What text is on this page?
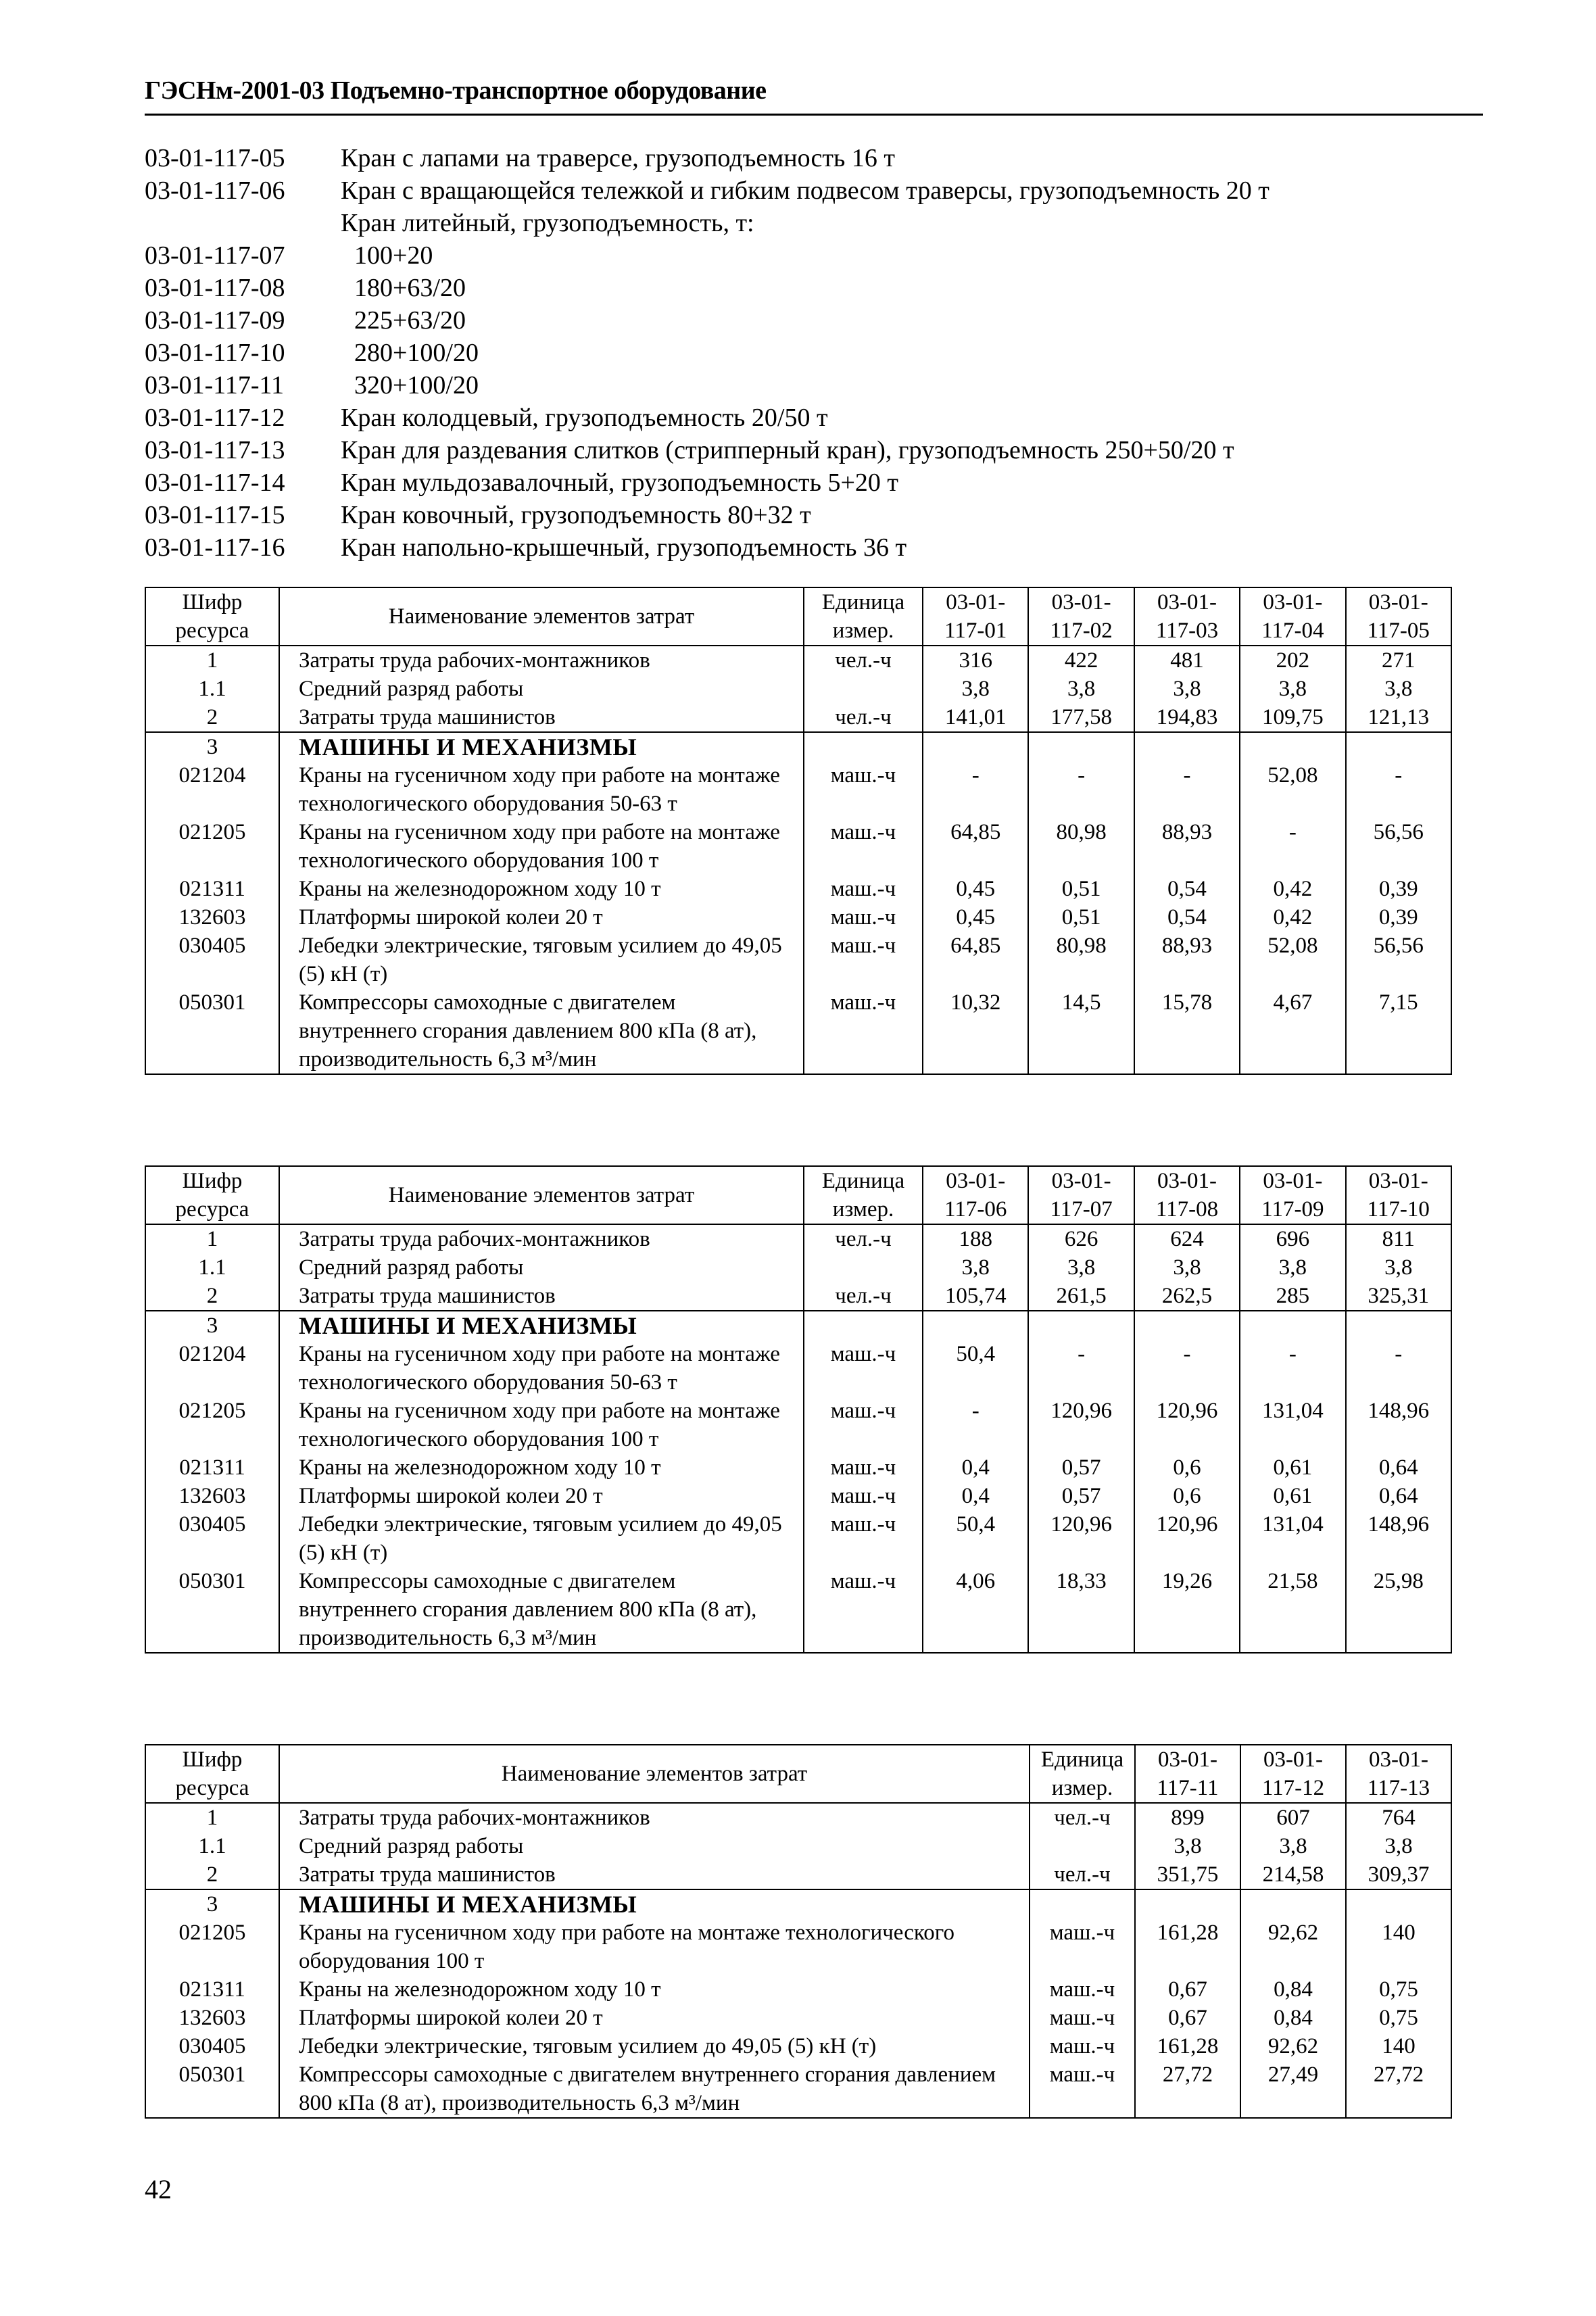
ГЭСНм-2001-03 Подъемно-транспортное оборудование
03-01-117-05 Кран с лапами на траверсе, грузоподъемность 16 т
03-01-117-06 Кран с вращающейся тележкой и гибким подвесом траверсы, грузоподъемность 20 т
Кран литейный, грузоподъемность, т:
03-01-117-07	100+20
03-01-117-08	180+63/20
03-01-117-09	225+63/20
03-01-117-10	280+100/20
03-01-117-11	320+100/20
03-01-117-12 Кран колодцевый, грузоподъемность 20/50 т
03-01-117-13 Кран для раздевания слитков (стрипперный кран), грузоподъемность 250+50/20 т
03-01-117-14 Кран мульдозавалочный, грузоподъемность 5+20 т
03-01-117-15 Кран ковочный, грузоподъемность 80+32 т
03-01-117-16 Кран напольно-крышечный, грузоподъемность 36 т
Шифр ресурса	Наименование элементов затрат	Единица измер.	03-01- 117-01	03-01- 117-02	03-01- 117-03	03-01- 117-04	03-01- 117-05
1	Затраты труда рабочих-монтажников	чел.-ч	316	422	481	202	271
1.1	Средний разряд работы		3,8	3,8	3,8	3,8	3,8
2	Затраты труда машинистов	чел.-ч	141,01	177,58	194,83	109,75	121,13
3	МАШИНЫ И МЕХАНИЗМЫ						
021204	Краны на гусеничном ходу при работе на монтаже технологического оборудования 50-63 т	маш.-ч	-	-	-	52,08	-
021205	Краны на гусеничном ходу при работе на монтаже технологического оборудования 100 т	маш.-ч	64,85	80,98	88,93	-	56,56
021311	Краны на железнодорожном ходу 10 т	маш.-ч	0,45	0,51	0,54	0,42	0,39
132603	Платформы широкой колеи 20 т	маш.-ч	0,45	0,51	0,54	0,42	0,39
030405	Лебедки электрические, тяговым усилием до 49,05 (5) кН (т)	маш.-ч	64,85	80,98	88,93	52,08	56,56
050301	Компрессоры самоходные с двигателем внутреннего сгорания давлением 800 кПа (8 ат), производительность 6,3 м³/мин	маш.-ч	10,32	14,5	15,78	4,67	7,15
Шифр ресурса	Наименование элементов затрат	Единица измер.	03-01- 117-06	03-01- 117-07	03-01- 117-08	03-01- 117-09	03-01- 117-10
1	Затраты труда рабочих-монтажников	чел.-ч	188	626	624	696	811
1.1	Средний разряд работы		3,8	3,8	3,8	3,8	3,8
2	Затраты труда машинистов	чел.-ч	105,74	261,5	262,5	285	325,31
3	МАШИНЫ И МЕХАНИЗМЫ						
021204	Краны на гусеничном ходу при работе на монтаже технологического оборудования 50-63 т	маш.-ч	50,4	-	-	-	-
021205	Краны на гусеничном ходу при работе на монтаже технологического оборудования 100 т	маш.-ч	-	120,96	120,96	131,04	148,96
021311	Краны на железнодорожном ходу 10 т	маш.-ч	0,4	0,57	0,6	0,61	0,64
132603	Платформы широкой колеи 20 т	маш.-ч	0,4	0,57	0,6	0,61	0,64
030405	Лебедки электрические, тяговым усилием до 49,05 (5) кН (т)	маш.-ч	50,4	120,96	120,96	131,04	148,96
050301	Компрессоры самоходные с двигателем внутреннего сгорания давлением 800 кПа (8 ат), производительность 6,3 м³/мин	маш.-ч	4,06	18,33	19,26	21,58	25,98
Шифр ресурса	Наименование элементов затрат	Единица измер.	03-01- 117-11	03-01- 117-12	03-01- 117-13
1	Затраты труда рабочих-монтажников	чел.-ч	899	607	764
1.1	Средний разряд работы		3,8	3,8	3,8
2	Затраты труда машинистов	чел.-ч	351,75	214,58	309,37
3	МАШИНЫ И МЕХАНИЗМЫ				
021205	Краны на гусеничном ходу при работе на монтаже технологического оборудования 100 т	маш.-ч	161,28	92,62	140
021311	Краны на железнодорожном ходу 10 т	маш.-ч	0,67	0,84	0,75
132603	Платформы широкой колеи 20 т	маш.-ч	0,67	0,84	0,75
030405	Лебедки электрические, тяговым усилием до 49,05 (5) кН (т)	маш.-ч	161,28	92,62	140
050301	Компрессоры самоходные с двигателем внутреннего сгорания давлением 800 кПа (8 ат), производительность 6,3 м³/мин	маш.-ч	27,72	27,49	27,72
42
